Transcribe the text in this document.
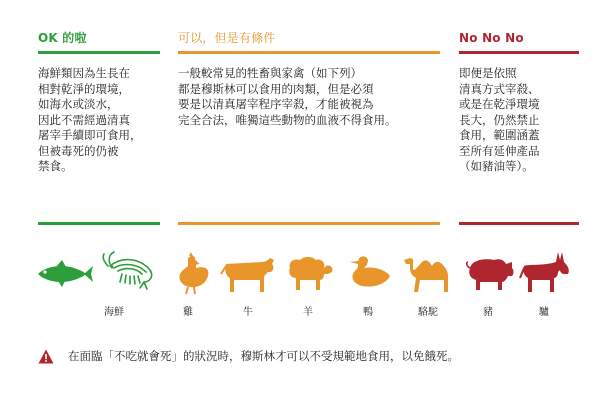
OK 的啦
海鮮類因為生長在
相對乾淨的環境，
如海水或淡水，
因此不需經過清真
屠宰手續即可食用，
但被毒死的仍被
禁食。
可以，但是有條件
一般較常見的牲畜與家禽（如下列）
都是穆斯林可以食用的肉類，但是必須
要是以清真屠宰程序宰殺，才能被視為
完全合法，唯獨這些動物的血液不得食用。
No No No
即便是依照
清真方式宰殺、
或是在乾淨環境
長大，仍然禁止
食用，範圍涵蓋
至所有延伸產品
（如豬油等）。
海鮮	雞	牛	羊	鴨	駱駝	豬	驢
在面臨「不吃就會死」的狀況時，穆斯林才可以不受規範地食用，以免餓死。
